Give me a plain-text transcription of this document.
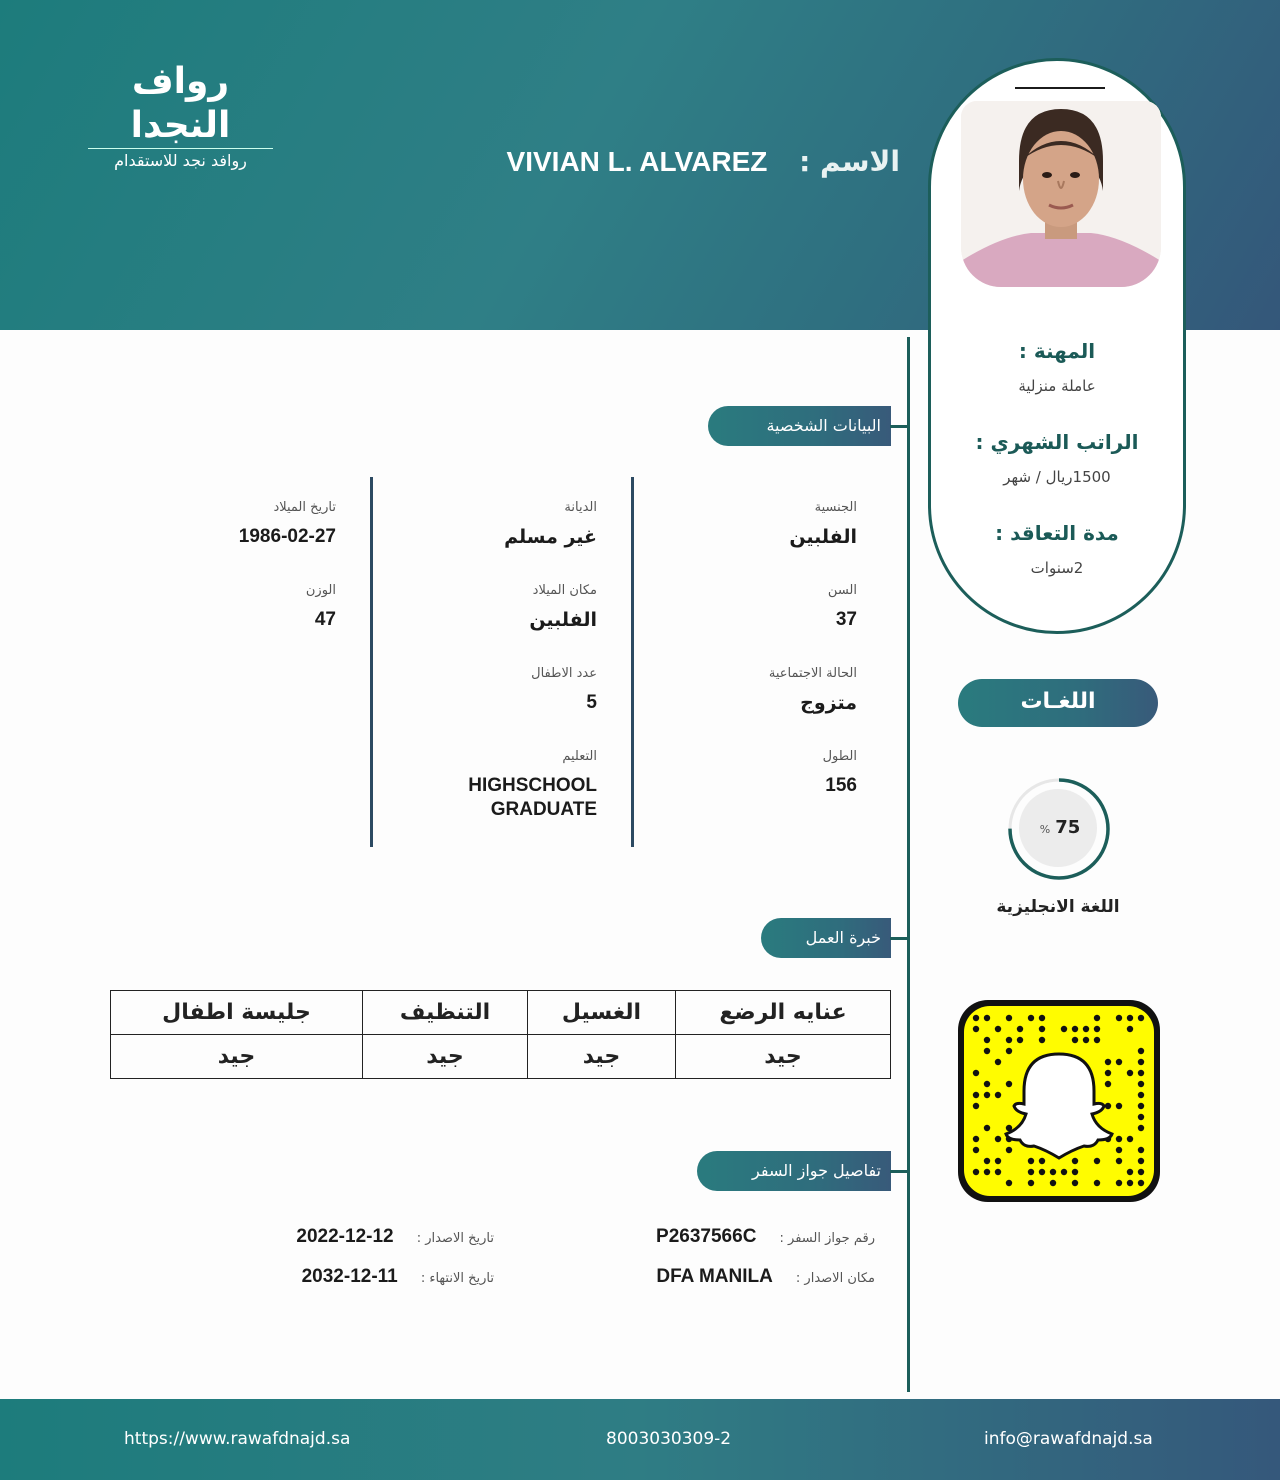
رواف النجدا
روافد نجد للاستقدام	الاسم : VIVIAN L. ALVAREZ
المهنة :
عاملة منزلية
الراتب الشهري :
1500ريال / شهر
مدة التعاقد :
2سنوات
اللغـات
% 75
اللغة الانجليزية
البيانات الشخصية
خبرة العمل
تفاصيل جواز السفر
الجنسية
الفلبين
الديانة
غير مسلم
تاريخ الميلاد
1986-02-27
السن
37
مكان الميلاد
الفلبين
الوزن
47
الحالة الاجتماعية
متزوج
عدد الاطفال
5
الطول
156
التعليم
HIGHSCHOOL
GRADUATE
عنايه الرضع	الغسيل	التنظيف	جليسة اطفال
جيد	جيد	جيد	جيد
رقم جواز السفر : P2637566C
تاريخ الاصدار : 2022-12-12
مكان الاصدار : DFA MANILA
تاريخ الانتهاء : 2032-12-11
https://www.rawafdnajd.sa	8003030309-2	info@rawafdnajd.sa
